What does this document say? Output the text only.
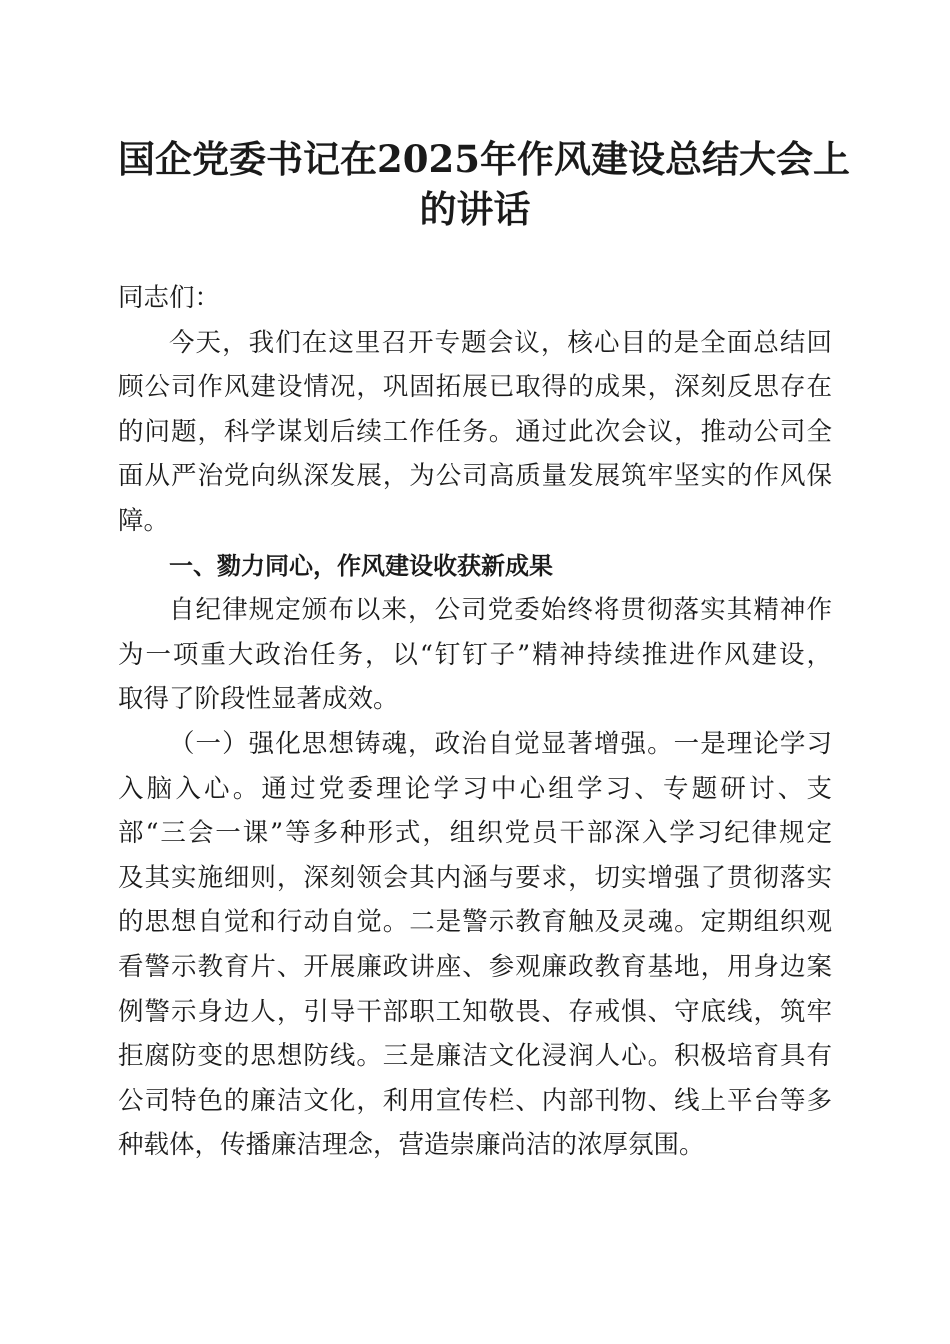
国企党委书记在2025年作风建设总结大会上
的讲话
同志们：
今天，我们在这里召开专题会议，核心目的是全面总结回
顾公司作风建设情况，巩固拓展已取得的成果，深刻反思存在
的问题，科学谋划后续工作任务。通过此次会议，推动公司全
面从严治党向纵深发展，为公司高质量发展筑牢坚实的作风保
障。
一、勠力同心，作风建设收获新成果
自纪律规定颁布以来，公司党委始终将贯彻落实其精神作
为一项重大政治任务，以“钉钉子”精神持续推进作风建设，
取得了阶段性显著成效。
（一）强化思想铸魂，政治自觉显著增强。一是理论学习
入脑入心。通过党委理论学习中心组学习、专题研讨、支
部“三会一课”等多种形式，组织党员干部深入学习纪律规定
及其实施细则，深刻领会其内涵与要求，切实增强了贯彻落实
的思想自觉和行动自觉。二是警示教育触及灵魂。定期组织观
看警示教育片、开展廉政讲座、参观廉政教育基地，用身边案
例警示身边人，引导干部职工知敬畏、存戒惧、守底线，筑牢
拒腐防变的思想防线。三是廉洁文化浸润人心。积极培育具有
公司特色的廉洁文化，利用宣传栏、内部刊物、线上平台等多
种载体，传播廉洁理念，营造崇廉尚洁的浓厚氛围。
